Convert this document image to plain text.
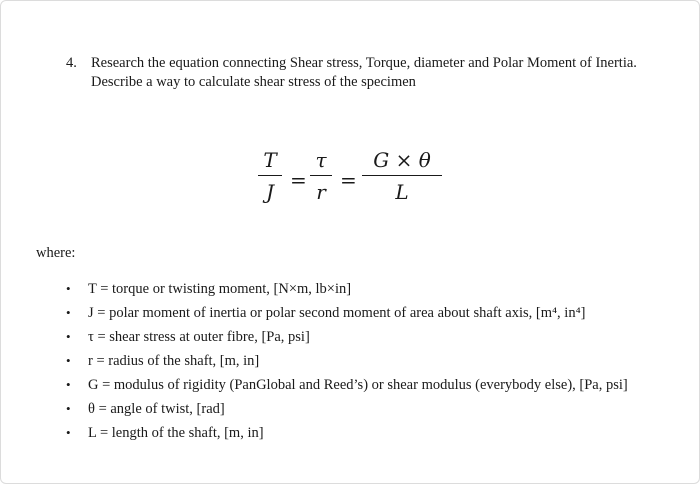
4. Research the equation connecting Shear stress, Torque, diameter and Polar Moment of Inertia. Describe a way to calculate shear stress of the specimen
T
J =
τ
r =
G × θ
L
where:
• T = torque or twisting moment, [N×m, lb×in]
• J = polar moment of inertia or polar second moment of area about shaft axis, [m⁴, in⁴]
• τ = shear stress at outer fibre, [Pa, psi]
• r = radius of the shaft, [m, in]
• G = modulus of rigidity (PanGlobal and Reed’s) or shear modulus (everybody else), [Pa, psi]
• θ = angle of twist, [rad]
• L = length of the shaft, [m, in]
